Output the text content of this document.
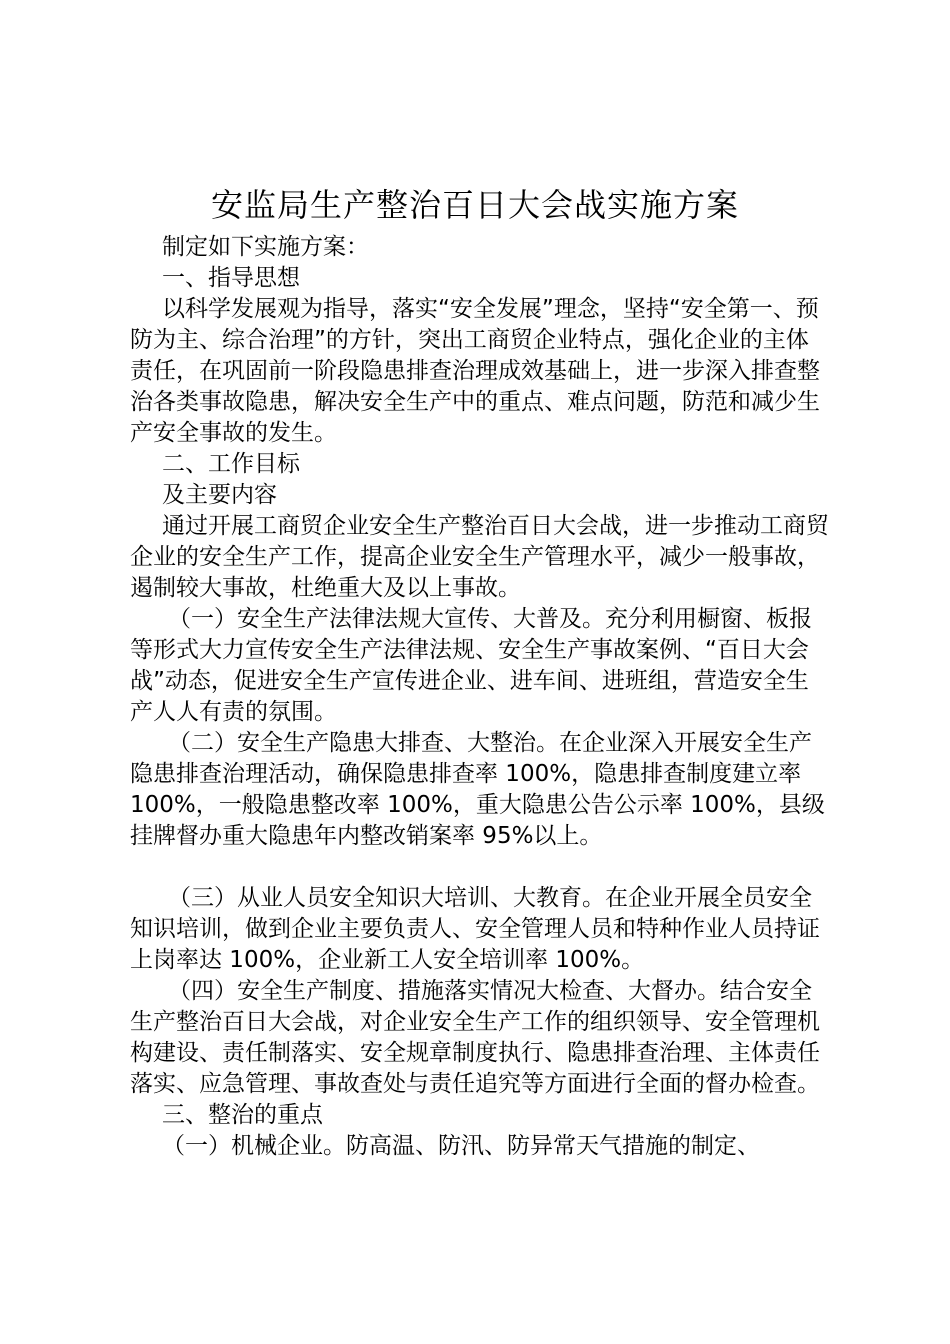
安监局生产整治百日大会战实施方案

制定如下实施方案：

一、指导思想

以科学发展观为指导，落实“安全发展”理念，坚持“安全第一、预防为主、综合治理”的方针，突出工商贸企业特点，强化企业的主体责任，在巩固前一阶段隐患排查治理成效基础上，进一步深入排查整治各类事故隐患，解决安全生产中的重点、难点问题，防范和减少生产安全事故的发生。

二、工作目标

及主要内容

通过开展工商贸企业安全生产整治百日大会战，进一步推动工商贸企业的安全生产工作，提高企业安全生产管理水平，减少一般事故，遏制较大事故，杜绝重大及以上事故。

（一）安全生产法律法规大宣传、大普及。充分利用橱窗、板报等形式大力宣传安全生产法律法规、安全生产事故案例、“百日大会战”动态，促进安全生产宣传进企业、进车间、进班组，营造安全生产人人有责的氛围。

（二）安全生产隐患大排查、大整治。在企业深入开展安全生产隐患排查治理活动，确保隐患排查率 100%，隐患排查制度建立率 100%，一般隐患整改率 100%，重大隐患公告公示率 100%，县级挂牌督办重大隐患年内整改销案率 95%以上。

（三）从业人员安全知识大培训、大教育。在企业开展全员安全知识培训，做到企业主要负责人、安全管理人员和特种作业人员持证上岗率达 100%，企业新工人安全培训率 100%。

（四）安全生产制度、措施落实情况大检查、大督办。结合安全生产整治百日大会战，对企业安全生产工作的组织领导、安全管理机构建设、责任制落实、安全规章制度执行、隐患排查治理、主体责任落实、应急管理、事故查处与责任追究等方面进行全面的督办检查。

三、整治的重点

（一）机械企业。防高温、防汛、防异常天气措施的制定、
